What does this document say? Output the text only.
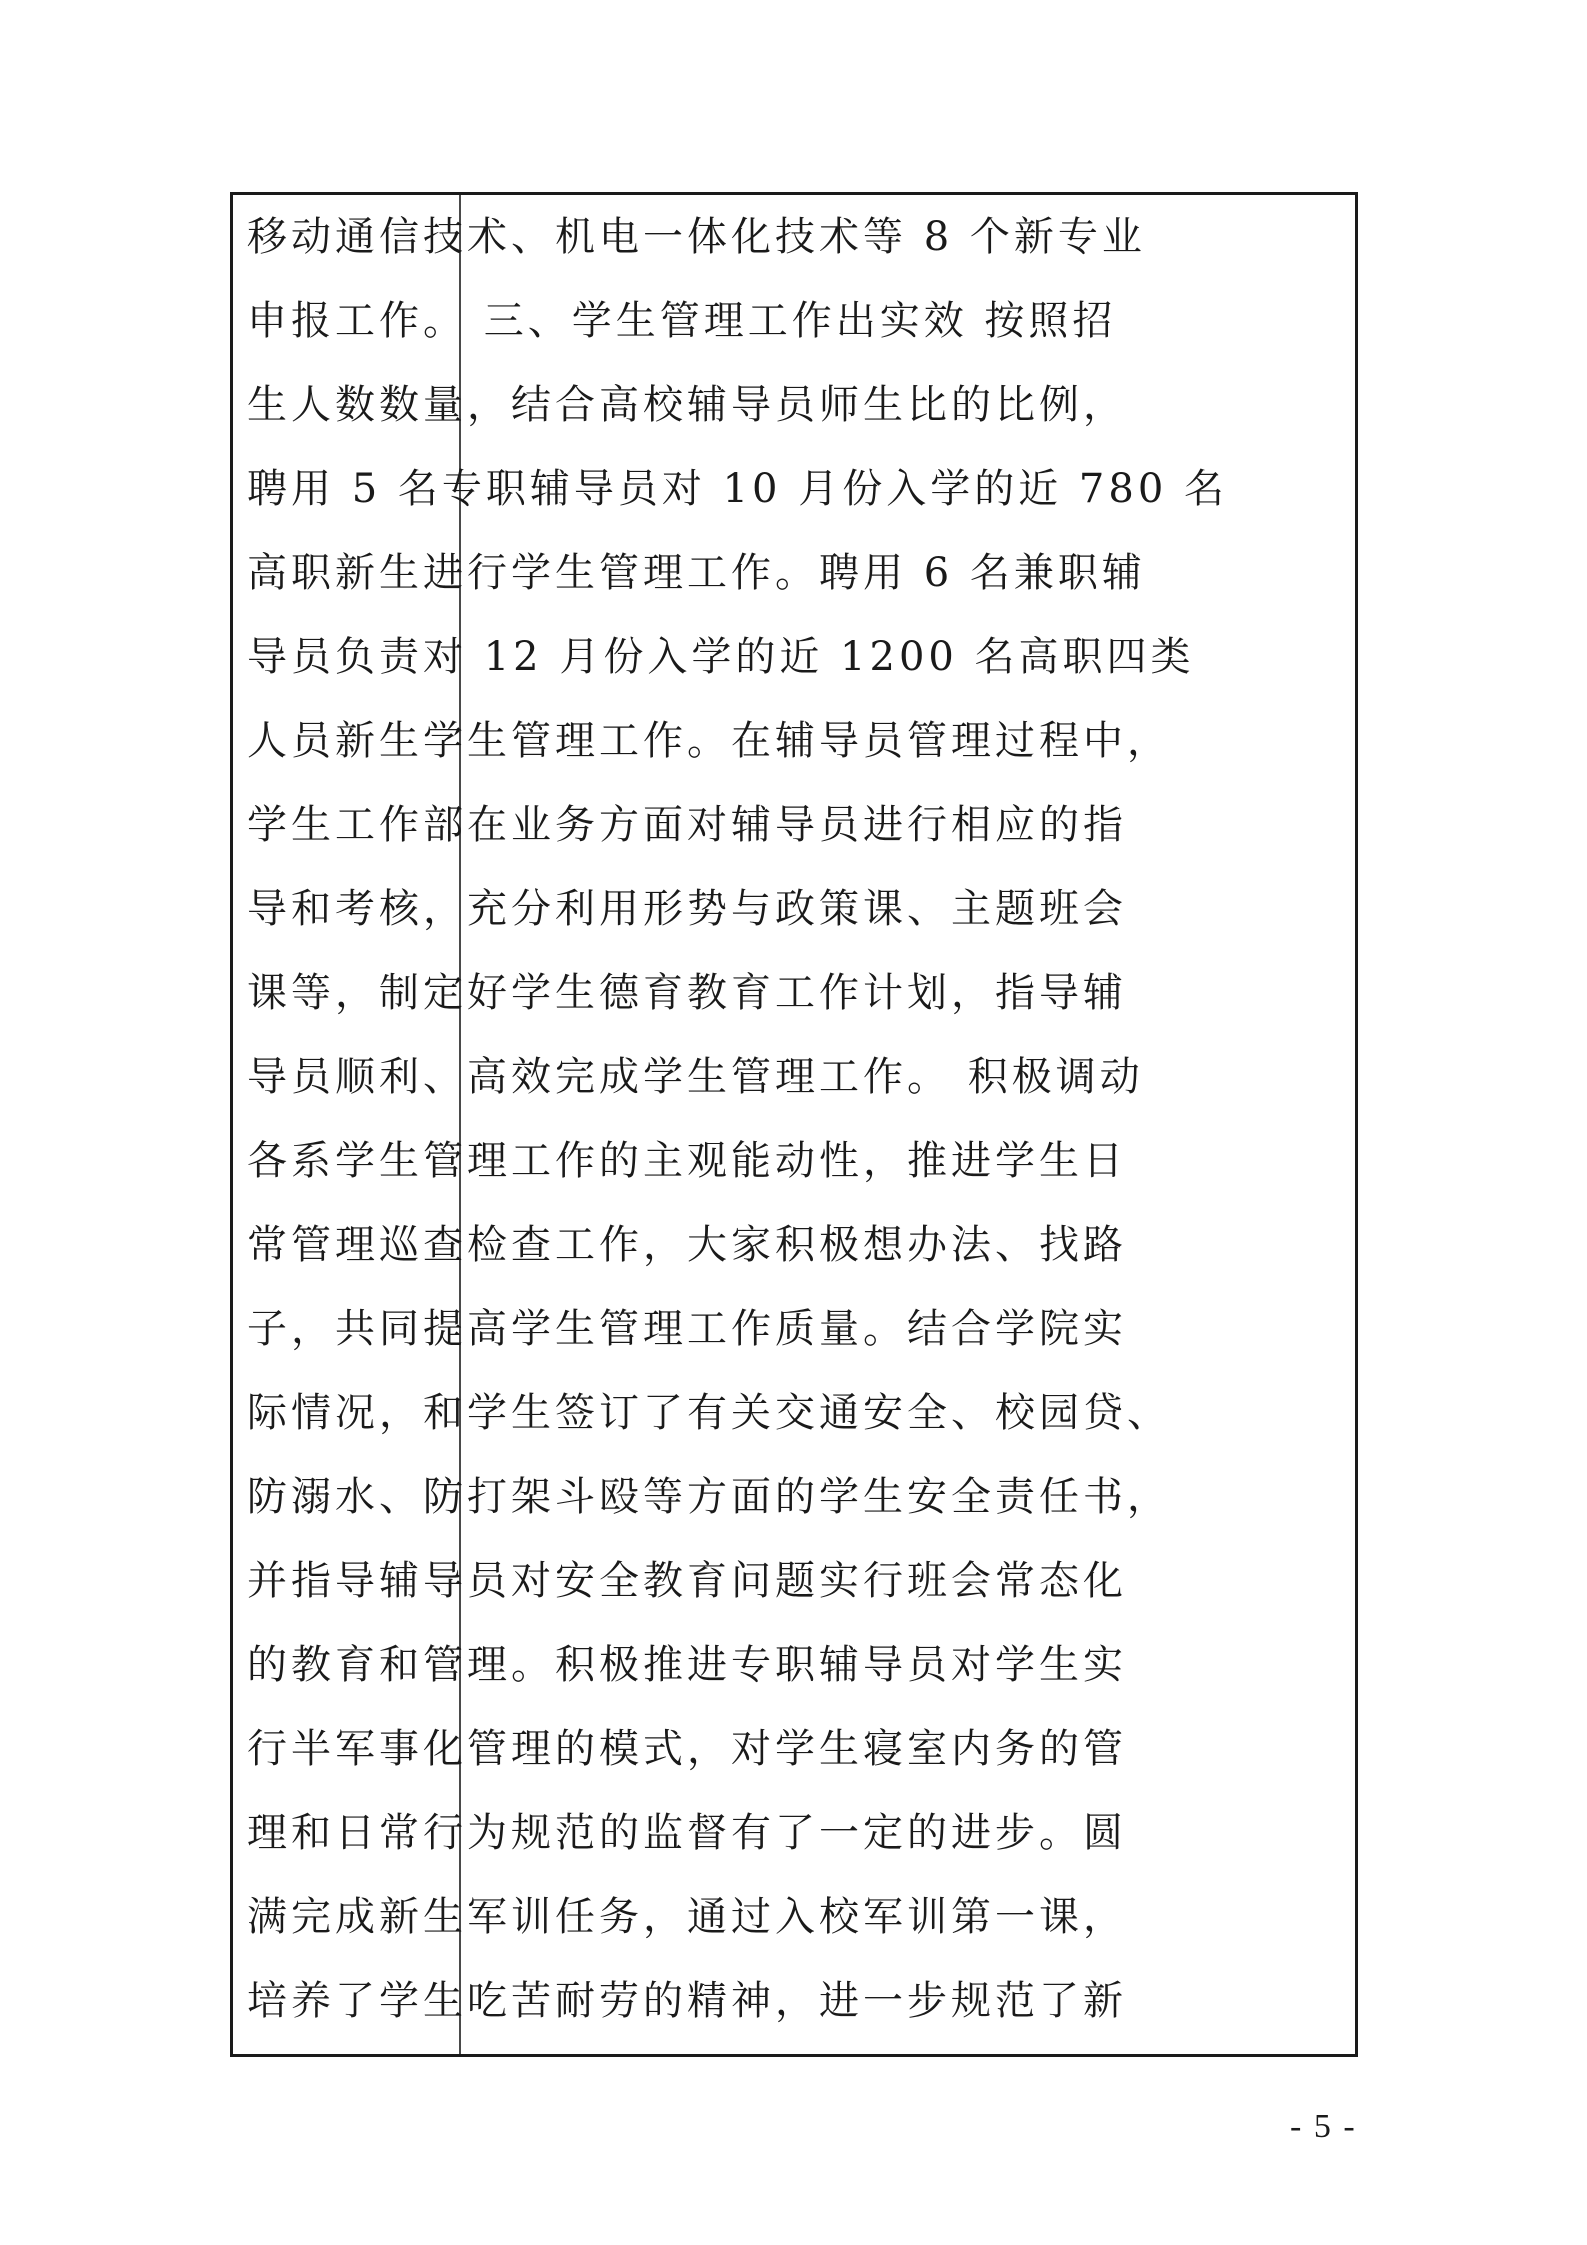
移动通信技术、机电一体化技术等 8 个新专业
申报工作。 三、学生管理工作出实效 按照招
生人数数量，结合高校辅导员师生比的比例，
聘用 5 名专职辅导员对 10 月份入学的近 780 名
高职新生进行学生管理工作。聘用 6 名兼职辅
导员负责对 12 月份入学的近 1200 名高职四类
人员新生学生管理工作。在辅导员管理过程中，
学生工作部在业务方面对辅导员进行相应的指
导和考核，充分利用形势与政策课、主题班会
课等，制定好学生德育教育工作计划，指导辅
导员顺利、高效完成学生管理工作。 积极调动
各系学生管理工作的主观能动性，推进学生日
常管理巡查检查工作，大家积极想办法、找路
子，共同提高学生管理工作质量。结合学院实
际情况，和学生签订了有关交通安全、校园贷、
防溺水、防打架斗殴等方面的学生安全责任书，
并指导辅导员对安全教育问题实行班会常态化
的教育和管理。积极推进专职辅导员对学生实
行半军事化管理的模式，对学生寝室内务的管
理和日常行为规范的监督有了一定的进步。圆
满完成新生军训任务，通过入校军训第一课，
培养了学生吃苦耐劳的精神，进一步规范了新
- 5 -
